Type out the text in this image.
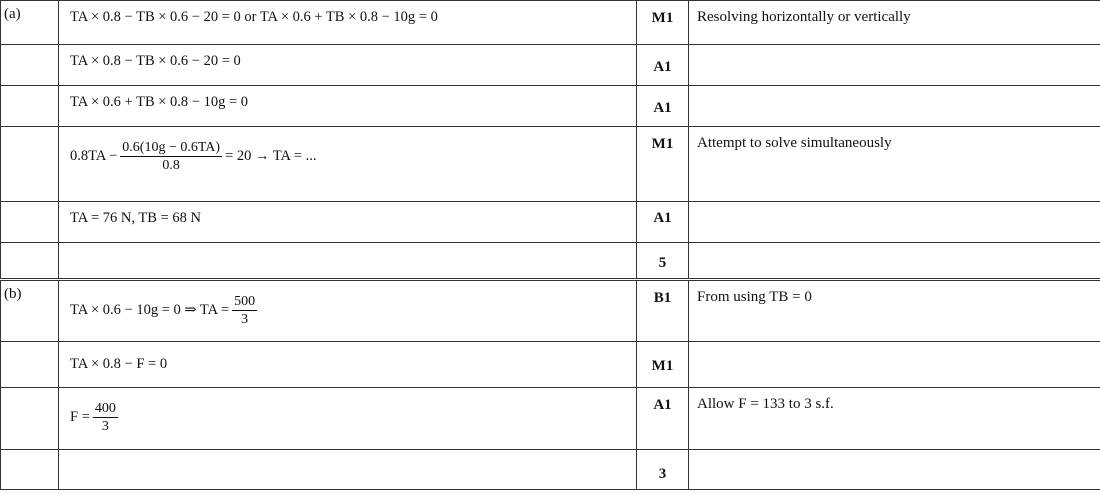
(a)	TA × 0.8 − TB × 0.6 − 20 = 0 or TA × 0.6 + TB × 0.8 − 10g = 0	M1	Resolving horizontally or vertically
	TA × 0.8 − TB × 0.6 − 20 = 0	A1	
	TA × 0.6 + TB × 0.8 − 10g = 0	A1	

	$0.8TA - \frac{0.6(10g - 0.6TA)}{0.8} = 20$ → TA = ...	M1	Attempt to solve simultaneously
	TA = 76 N, TB = 68 N	A1	
		5	
(b)	TA × 0.6 − 10g = 0 ⇒ TA = $\frac{500}{3}$	B1	From using TB = 0
	TA × 0.8 − F = 0	M1	

	$F = \frac{400}{3}$	A1	Allow F = 133 to 3 s.f.
		3	
